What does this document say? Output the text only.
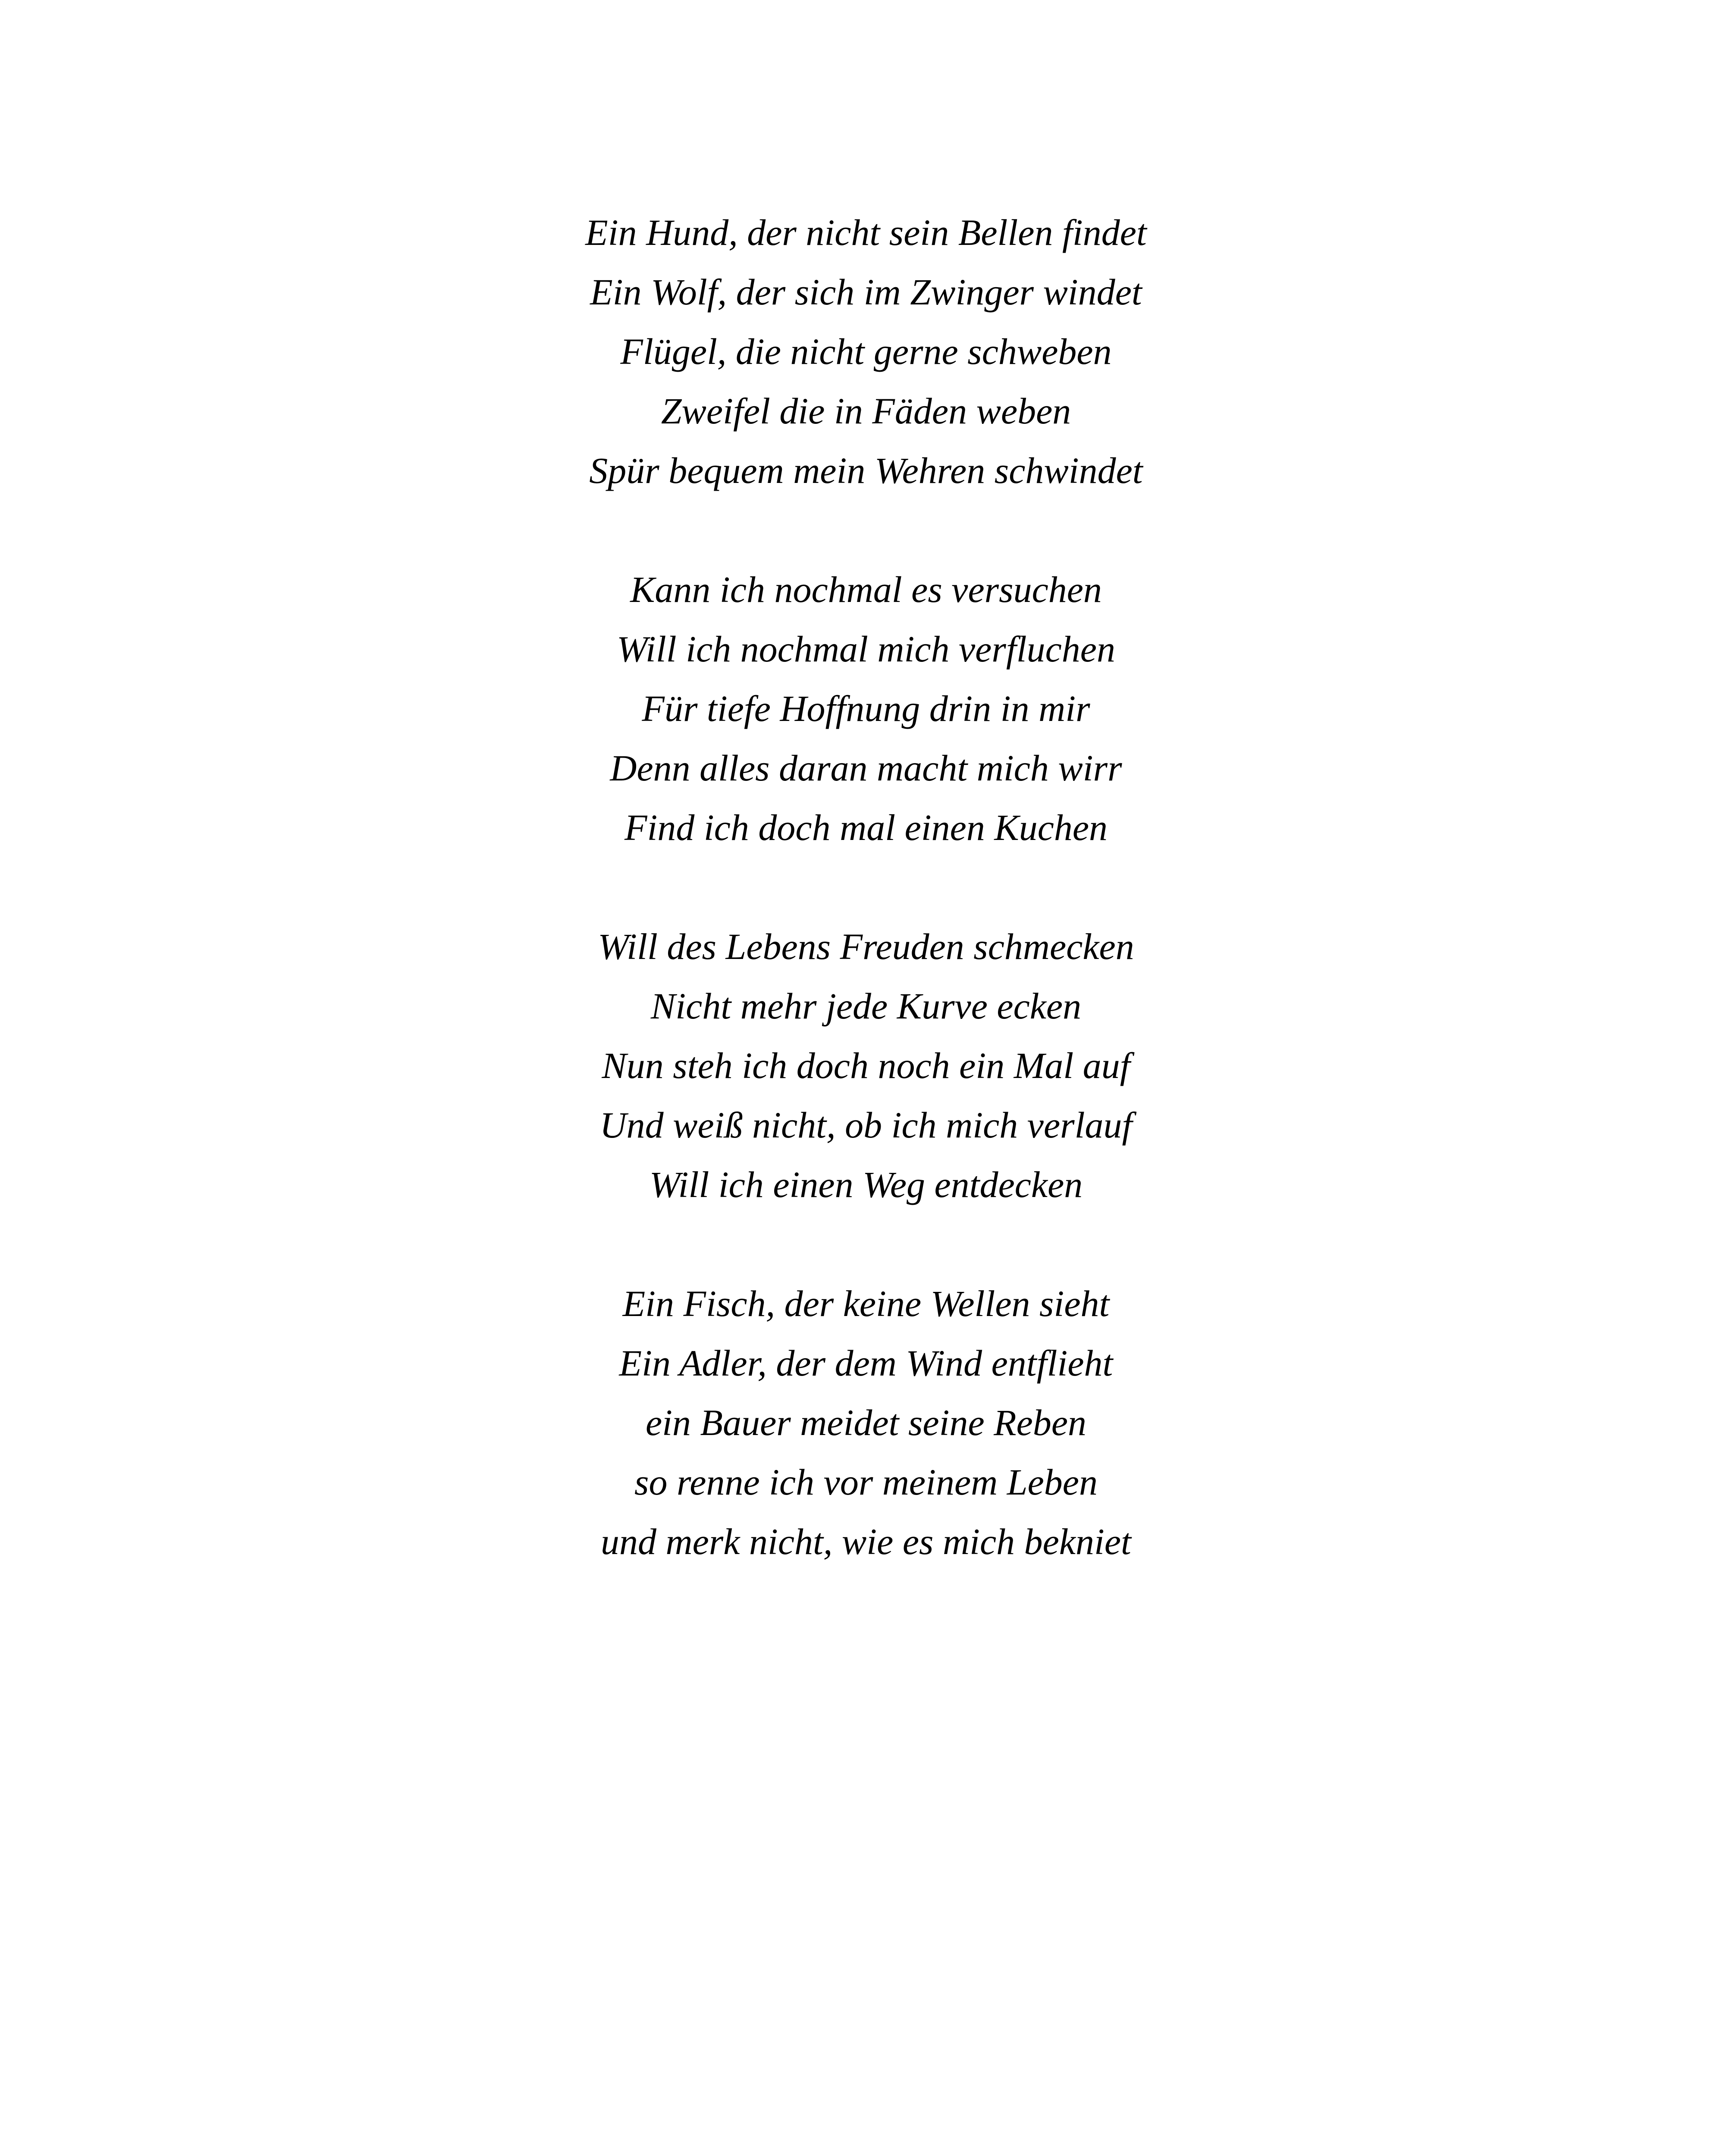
Ein Hund, der nicht sein Bellen findet
Ein Wolf, der sich im Zwinger windet
Flügel, die nicht gerne schweben
Zweifel die in Fäden weben
Spür bequem mein Wehren schwindet
Kann ich nochmal es versuchen
Will ich nochmal mich verfluchen
Für tiefe Hoffnung drin in mir
Denn alles daran macht mich wirr
Find ich doch mal einen Kuchen
Will des Lebens Freuden schmecken
Nicht mehr jede Kurve ecken
Nun steh ich doch noch ein Mal auf
Und weiß nicht, ob ich mich verlauf
Will ich einen Weg entdecken
Ein Fisch, der keine Wellen sieht
Ein Adler, der dem Wind entflieht
ein Bauer meidet seine Reben
so renne ich vor meinem Leben
und merk nicht, wie es mich bekniet
